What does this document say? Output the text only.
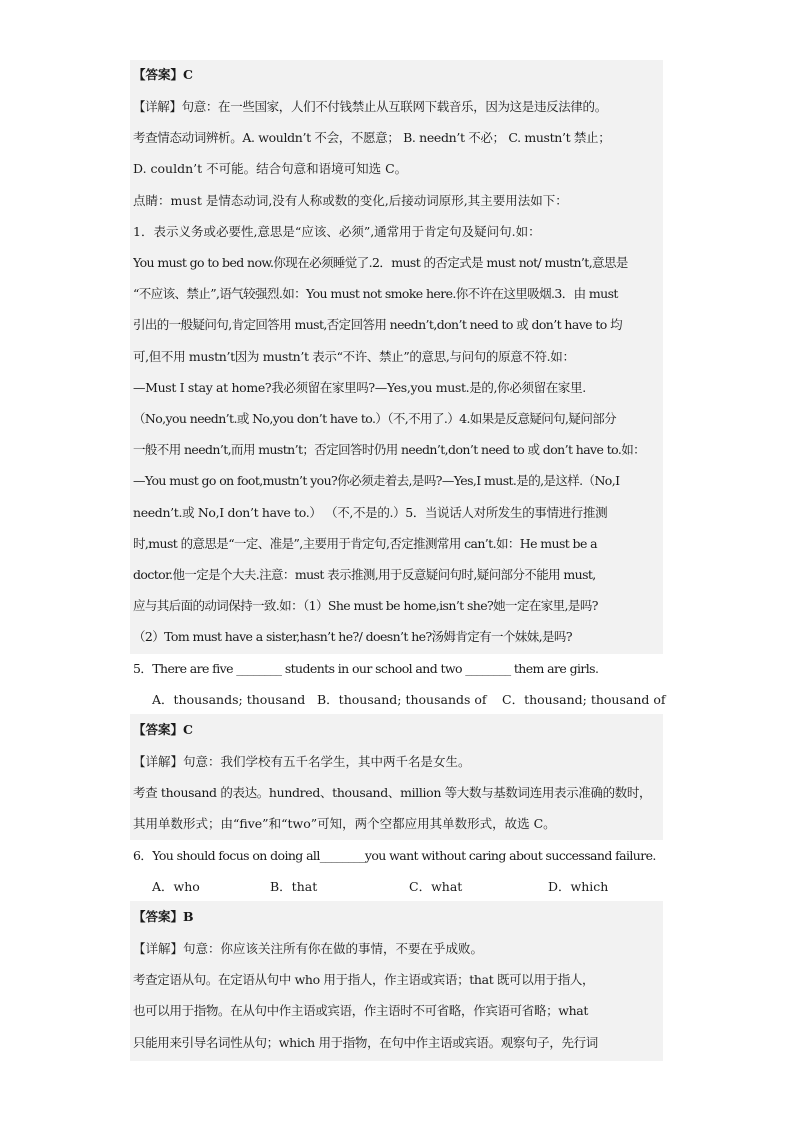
【答案】C
【详解】句意：在一些国家，人们不付钱禁止从互联网下载音乐，因为这是违反法律的。
考查情态动词辨析。A. wouldn’t 不会，不愿意； B. needn’t 不必； C. mustn’t 禁止；
D. couldn’t 不可能。结合句意和语境可知选 C。
点睛：must 是情态动词,没有人称或数的变化,后接动词原形,其主要用法如下：
1．表示义务或必要性,意思是“应该、必须”,通常用于肯定句及疑问句.如：
You must go to bed now.你现在必须睡觉了.2．must 的否定式是 must not/ mustn’t,意思是
“不应该、禁止”,语气较强烈.如：You must not smoke here.你不许在这里吸烟.3．由 must
引出的一般疑问句,肯定回答用 must,否定回答用 needn’t,don’t need to 或 don’t have to 均
可,但不用 mustn’t因为 mustn’t 表示“不许、禁止”的意思,与问句的原意不符.如：
—Must I stay at home?我必须留在家里吗?—Yes,you must.是的,你必须留在家里.
（No,you needn’t.或 No,you don’t have to.）（不,不用了.）4.如果是反意疑问句,疑问部分
一般不用 needn’t,而用 mustn’t；否定回答时仍用 needn’t,don’t need to 或 don’t have to.如：
—You must go on foot,mustn’t you?你必须走着去,是吗?—Yes,I must.是的,是这样.（No,I
needn’t.或 No,I don’t have to.） （不,不是的.）5．当说话人对所发生的事情进行推测
时,must 的意思是“一定、准是”,主要用于肯定句,否定推测常用 can’t.如：He must be a
doctor.他一定是个大夫.注意：must 表示推测,用于反意疑问句时,疑问部分不能用 must,
应与其后面的动词保持一致.如：（1）She must be home,isn’t she?她一定在家里,是吗?
（2）Tom must have a sister,hasn’t he?/ doesn’t he?汤姆肯定有一个妹妹,是吗?
5．There are five ________ students in our school and two ________ them are girls.
A．thousands; thousand B．thousand; thousands of C．thousand; thousand of
【答案】C
【详解】句意：我们学校有五千名学生，其中两千名是女生。
考查 thousand 的表达。hundred、thousand、million 等大数与基数词连用表示准确的数时，
其用单数形式；由“five”和“two”可知，两个空都应用其单数形式，故选 C。
6．You should focus on doing all________you want without caring about successand failure.
A．who	B．that	C．what	D．which
【答案】B
【详解】句意：你应该关注所有你在做的事情，不要在乎成败。
考查定语从句。在定语从句中 who 用于指人，作主语或宾语；that 既可以用于指人，
也可以用于指物。在从句中作主语或宾语，作主语时不可省略，作宾语可省略；what
只能用来引导名词性从句；which 用于指物，在句中作主语或宾语。观察句子，先行词
